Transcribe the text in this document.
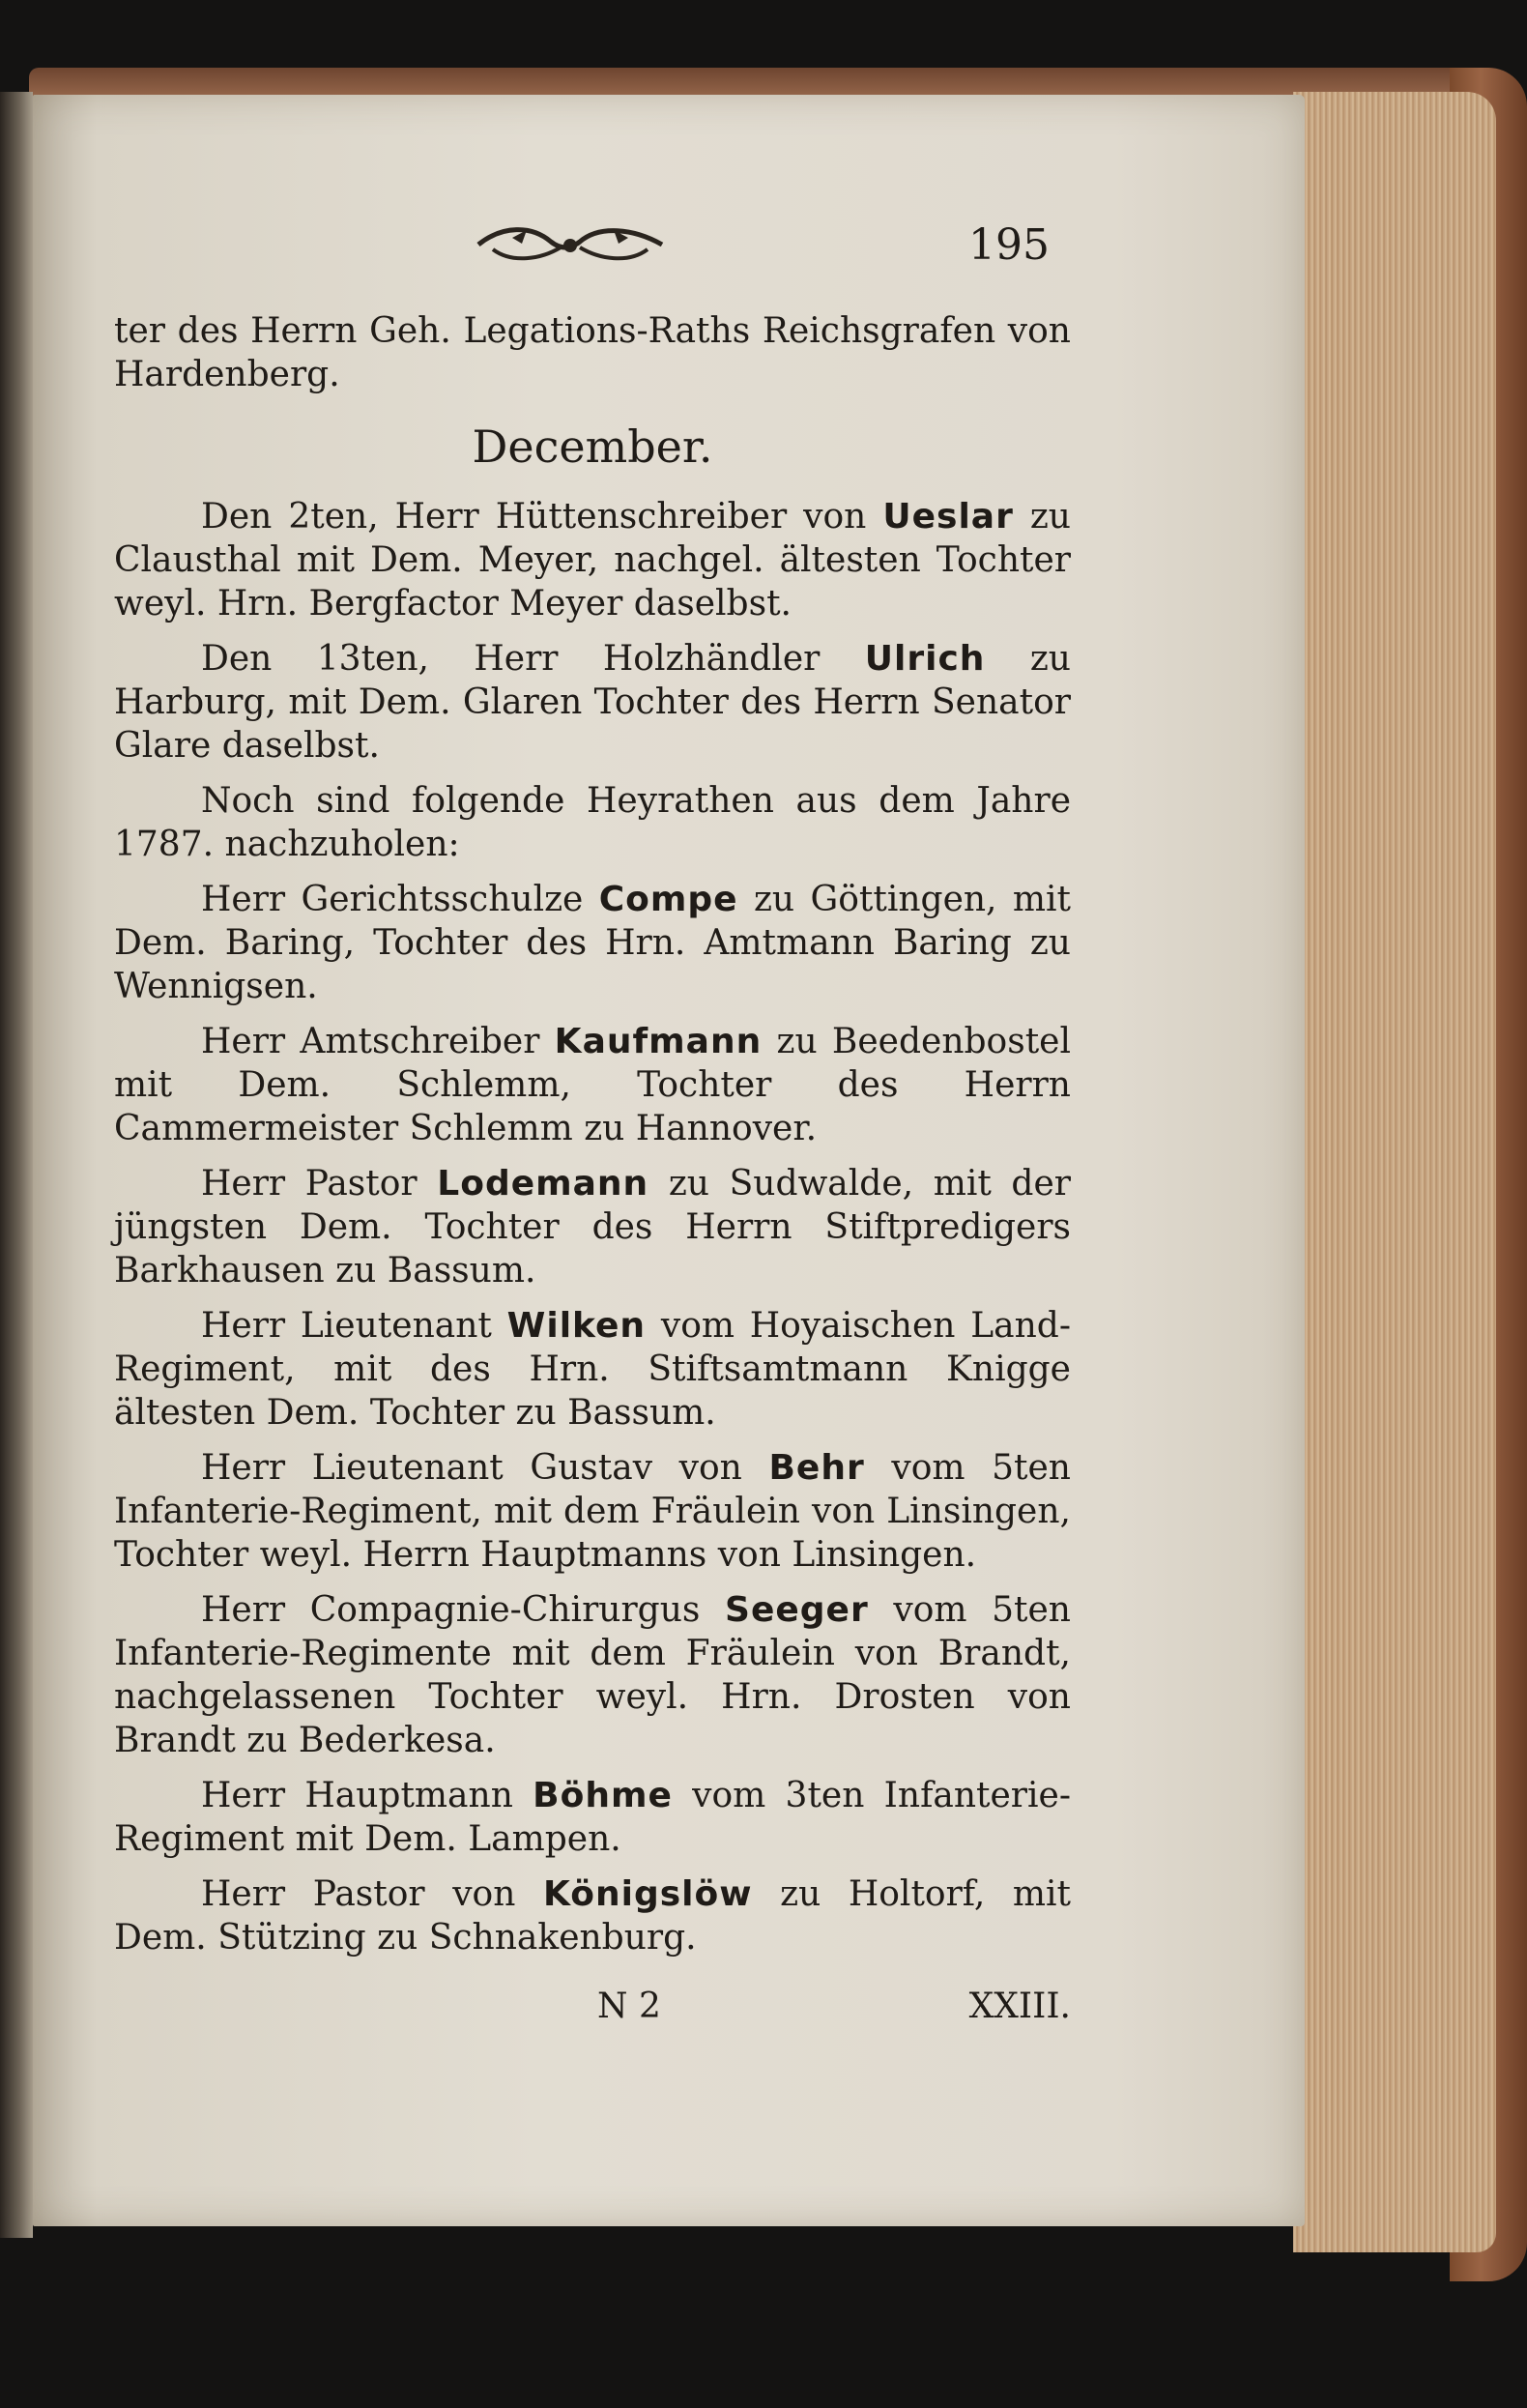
195

ter des Herrn Geh. Legations-Raths Reichsgrafen von Hardenberg.

December.

Den 2ten, Herr Hüttenschreiber von Ueslar zu Clausthal mit Dem. Meyer, nachgel. ältesten Tochter weyl. Hrn. Bergfactor Meyer daselbst.

Den 13ten, Herr Holzhändler Ulrich zu Harburg, mit Dem. Glaren Tochter des Herrn Senator Glare daselbst.

Noch sind folgende Heyrathen aus dem Jahre 1787. nachzuholen:

Herr Gerichtsschulze Compe zu Göttingen, mit Dem. Baring, Tochter des Hrn. Amtmann Baring zu Wennigsen.

Herr Amtschreiber Kaufmann zu Beedenbostel mit Dem. Schlemm, Tochter des Herrn Cammermeister Schlemm zu Hannover.

Herr Pastor Lodemann zu Sudwalde, mit der jüngsten Dem. Tochter des Herrn Stiftpredigers Barkhausen zu Bassum.

Herr Lieutenant Wilken vom Hoyaischen Land-Regiment, mit des Hrn. Stiftsamtmann Knigge ältesten Dem. Tochter zu Bassum.

Herr Lieutenant Gustav von Behr vom 5ten Infanterie-Regiment, mit dem Fräulein von Linsingen, Tochter weyl. Herrn Hauptmanns von Linsingen.

Herr Compagnie-Chirurgus Seeger vom 5ten Infanterie-Regimente mit dem Fräulein von Brandt, nachgelassenen Tochter weyl. Hrn. Drosten von Brandt zu Bederkesa.

Herr Hauptmann Böhme vom 3ten Infanterie-Regiment mit Dem. Lampen.

Herr Pastor von Königslöw zu Holtorf, mit Dem. Stützing zu Schnakenburg.

N 2	XXIII.
